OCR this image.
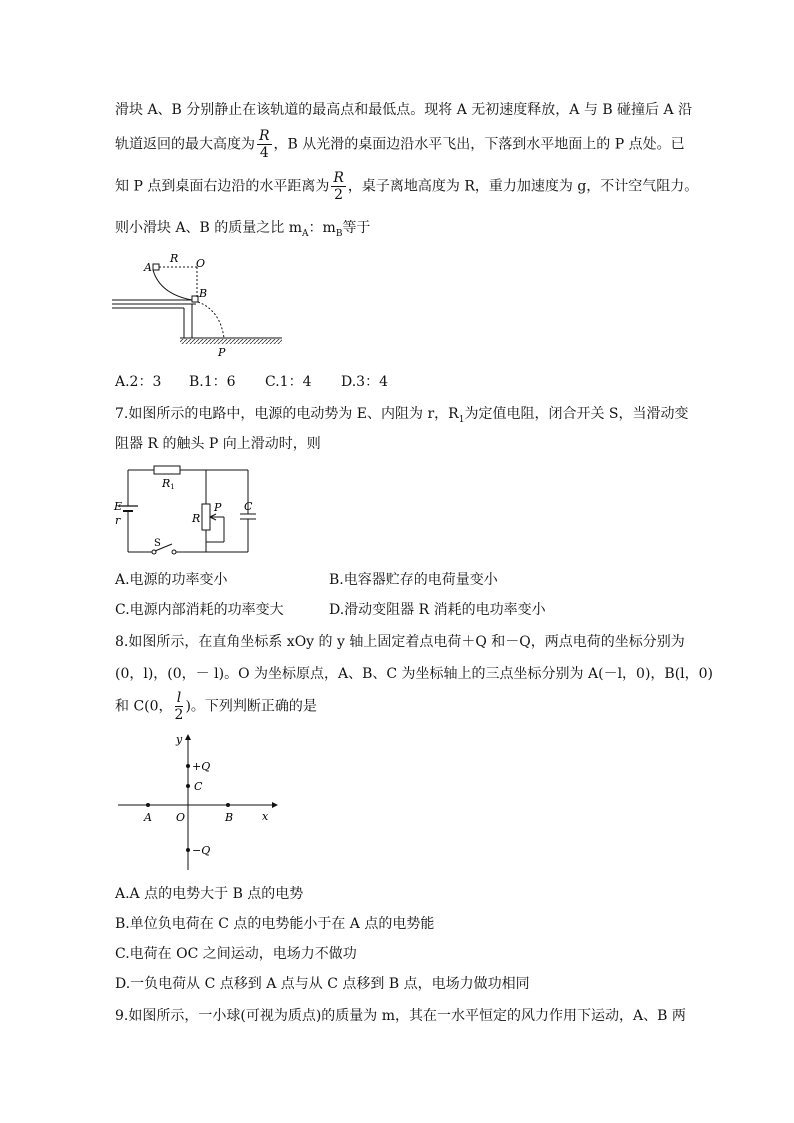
滑块 A、B 分别静止在该轨道的最高点和最低点。现将 A 无初速度释放，A 与 B 碰撞后 A 沿
轨道返回的最大高度为 $\frac{R}{4}$ ，B 从光滑的桌面边沿水平飞出，下落到水平地面上的 P 点处。已
知 P 点到桌面右边沿的水平距离为 $\frac{R}{2}$ ，桌子离地高度为 R，重力加速度为 g，不计空气阻力。
则小滑块 A、B 的质量之比 $m_A$：$m_B$等于
A
R O
B
P
A.2：3 B.1：6 C.1：4 D.3：4
7.如图所示的电路中，电源的电动势为 E、内阻为 r，$R_1$为定值电阻，闭合开关 S，当滑动变
阻器 R 的触头 P 向上滑动时，则
R1
E
r	R
P C
S
A.电源的功率变小	B.电容器贮存的电荷量变小
C.电源内部消耗的功率变大	D.滑动变阻器 R 消耗的电功率变小
8.如图所示，在直角坐标系 xOy 的 y 轴上固定着点电荷＋Q 和－Q，两点电荷的坐标分别为
(0，l)，(0，－ l)。O 为坐标原点，A、B、C 为坐标轴上的三点坐标分别为 A(－l，0)，B(l，0)
和 C(0， $\frac{l}{2}$ )。下列判断正确的是
y
x
+Q
C
−Q
A O	B
A.A 点的电势大于 B 点的电势
B.单位负电荷在 C 点的电势能小于在 A 点的电势能
C.电荷在 OC 之间运动，电场力不做功
D.一负电荷从 C 点移到 A 点与从 C 点移到 B 点，电场力做功相同
9.如图所示，一小球(可视为质点)的质量为 m，其在一水平恒定的风力作用下运动，A、B 两
